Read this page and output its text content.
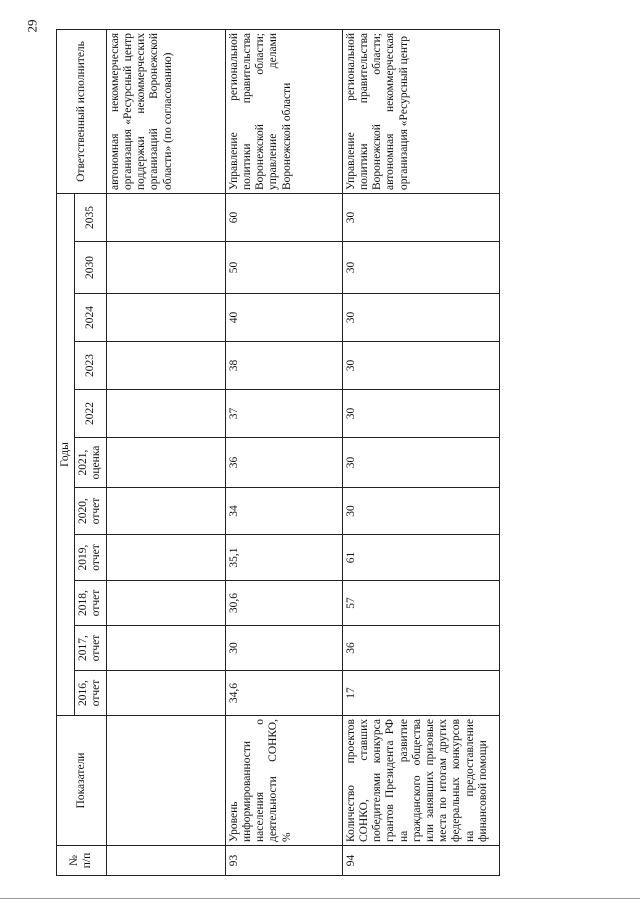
29
№
п/п	Показатели	Годы											Ответственный исполнитель
		2016, отчет	2017, отчет	2018, отчет	2019, отчет	2020, отчет	2021, оценка	2022	2023	2024	2030	2035	
													автономная некоммерческая организация «Ресурсный центр поддержки некоммерческих организаций Воронежской области» (по согласованию)
93	Уровень информированности населения о деятельности СОНКО, %	34,6	30	30,6	35,1	34	36	37	38	40	50	60	Управление региональной политики правительства Воронежской области; управление делами Воронежской области
94	Количество проектов СОНКО, ставших победителями конкурса грантов Президента РФ на развитие гражданского общества или занявших призовые места по итогам других федеральных конкурсов на предоставление финансовой помощи	17	36	57	61	30	30	30	30	30	30	30	Управление региональной политики правительства Воронежской области; автономная некоммерческая организация «Ресурсный центр
